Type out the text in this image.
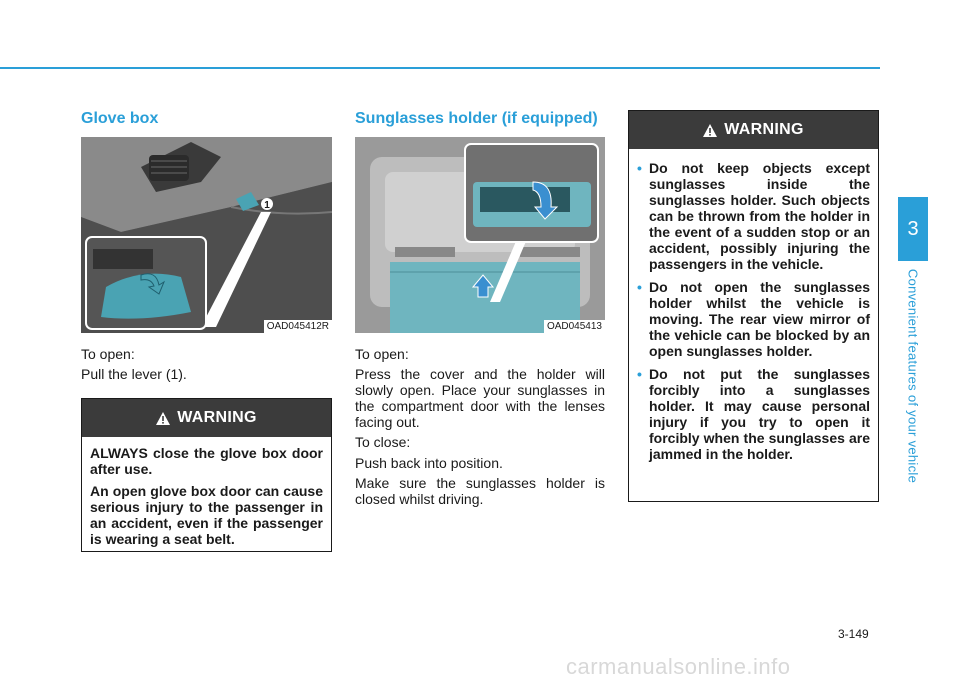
Glove box
1
OAD045412R

To open:

Pull the lever (1).

WARNING

ALWAYS close the glove box door after use.

An open glove box door can cause serious injury to the passenger in an accident, even if the passenger is wearing a seat belt.

Sunglasses holder (if equipped)
OAD045413

To open:

Press the cover and the holder will slowly open. Place your sunglasses in the compartment door with the lenses facing out.

To close:

Push back into position.

Make sure the sunglasses holder is closed whilst driving.

WARNING

• Do not keep objects except sunglasses inside the sunglasses holder. Such objects can be thrown from the holder in the event of a sudden stop or an accident, possibly injuring the passengers in the vehicle.

• Do not open the sunglasses holder whilst the vehicle is moving. The rear view mirror of the vehicle can be blocked by an open sunglasses holder.

• Do not put the sunglasses forcibly into a sunglasses holder. It may cause personal injury if you try to open it forcibly when the sunglasses are jammed in the holder.

3
Convenient features of your vehicle
3-149
carmanualsonline.info
